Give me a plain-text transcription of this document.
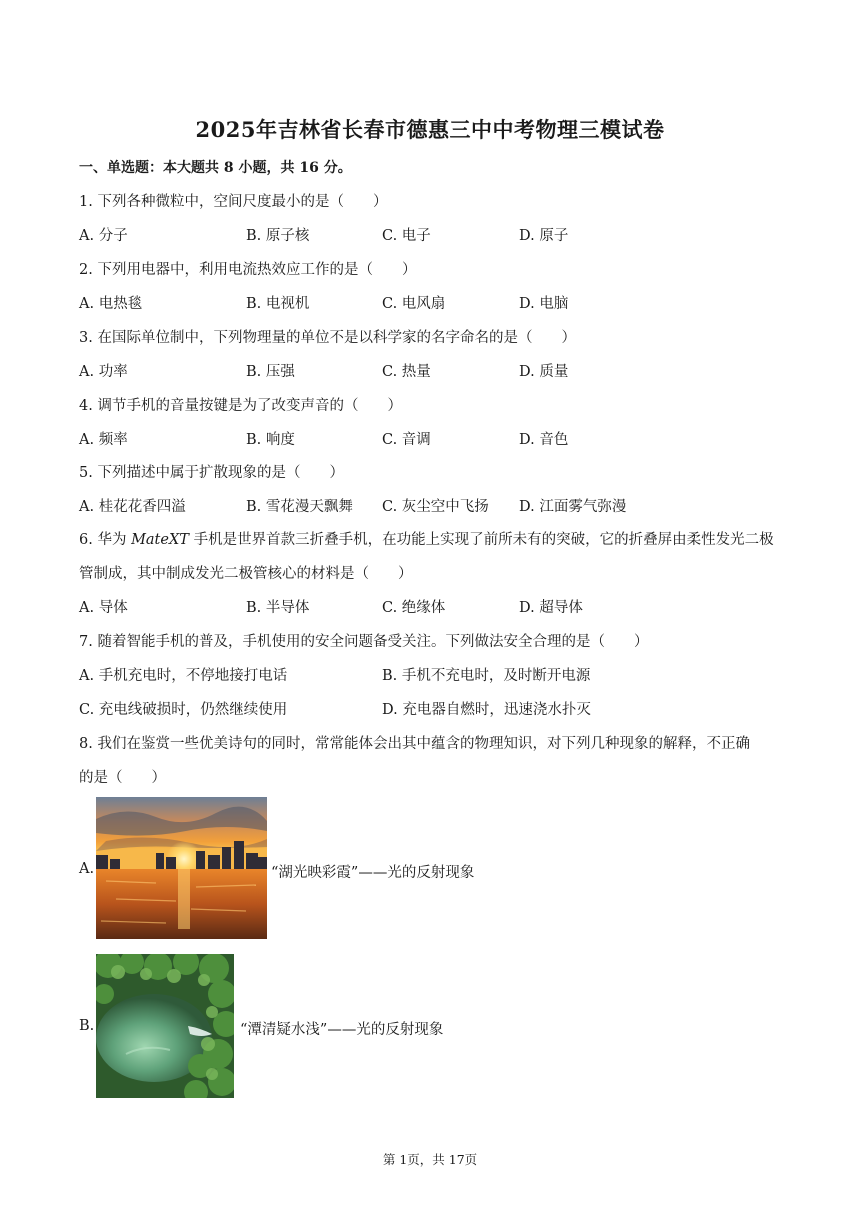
2025年吉林省长春市德惠三中中考物理三模试卷
一、单选题：本大题共 8 小题，共 16 分。
1. 下列各种微粒中，空间尺度最小的是（　　）
A. 分子	B. 原子核	C. 电子	D. 原子
2. 下列用电器中，利用电流热效应工作的是（　　）
A. 电热毯	B. 电视机	C. 电风扇	D. 电脑
3. 在国际单位制中，下列物理量的单位不是以科学家的名字命名的是（　　）
A. 功率	B. 压强	C. 热量	D. 质量
4. 调节手机的音量按键是为了改变声音的（　　）
A. 频率	B. 响度	C. 音调	D. 音色
5. 下列描述中属于扩散现象的是（　　）
A. 桂花花香四溢	B. 雪花漫天飘舞 C. 灰尘空中飞扬 D. 江面雾气弥漫
6. 华为 MateXT 手机是世界首款三折叠手机，在功能上实现了前所未有的突破，它的折叠屏由柔性发光二极
管制成，其中制成发光二极管核心的材料是（　　）
A. 导体	B. 半导体	C. 绝缘体	D. 超导体
7. 随着智能手机的普及，手机使用的安全问题备受关注。下列做法安全合理的是（　　）
A. 手机充电时，不停地接打电话	B. 手机不充电时，及时断开电源
C. 充电线破损时，仍然继续使用	D. 充电器自燃时，迅速浇水扑灭
8. 我们在鉴赏一些优美诗句的同时，常常能体会出其中蕴含的物理知识，对下列几种现象的解释，不正确
的是（　　）
A.	“湖光映彩霞”——光的反射现象
B.	“潭清疑水浅”——光的反射现象
第 1页，共 17页
